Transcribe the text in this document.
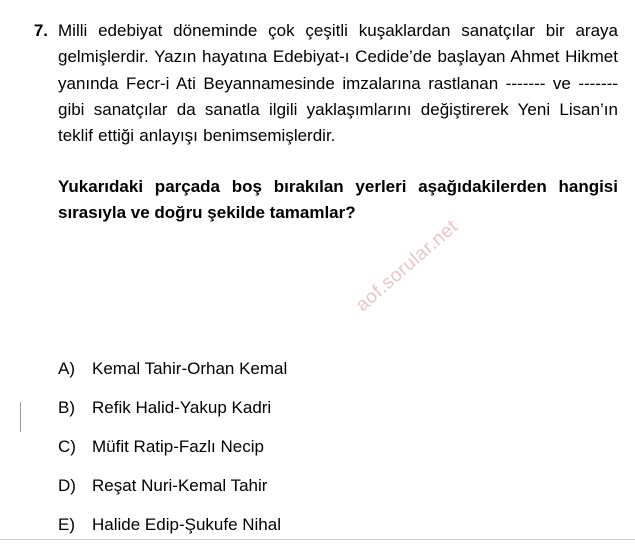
7. Milli edebiyat döneminde çok çeşitli kuşaklardan sanatçılar bir araya gelmişlerdir. Yazın hayatına Edebiyat-ı Cedide’de başlayan Ahmet Hikmet yanında Fecr-i Ati Beyannamesinde imzalarına rastlanan ------- ve ------- gibi sanatçılar da sanatla ilgili yaklaşımlarını değiştirerek Yeni Lisan’ın teklif ettiği anlayışı benimsemişlerdir.
Yukarıdaki parçada boş bırakılan yerleri aşağıdakilerden hangisi sırasıyla ve doğru şekilde tamamlar?
A)	Kemal Tahir-Orhan Kemal
B)	Refik Halid-Yakup Kadri
C) Müfit Ratip-Fazlı Necip
D) Reşat Nuri-Kemal Tahir
E)	Halide Edip-Şukufe Nihal
aof.sorular.net
